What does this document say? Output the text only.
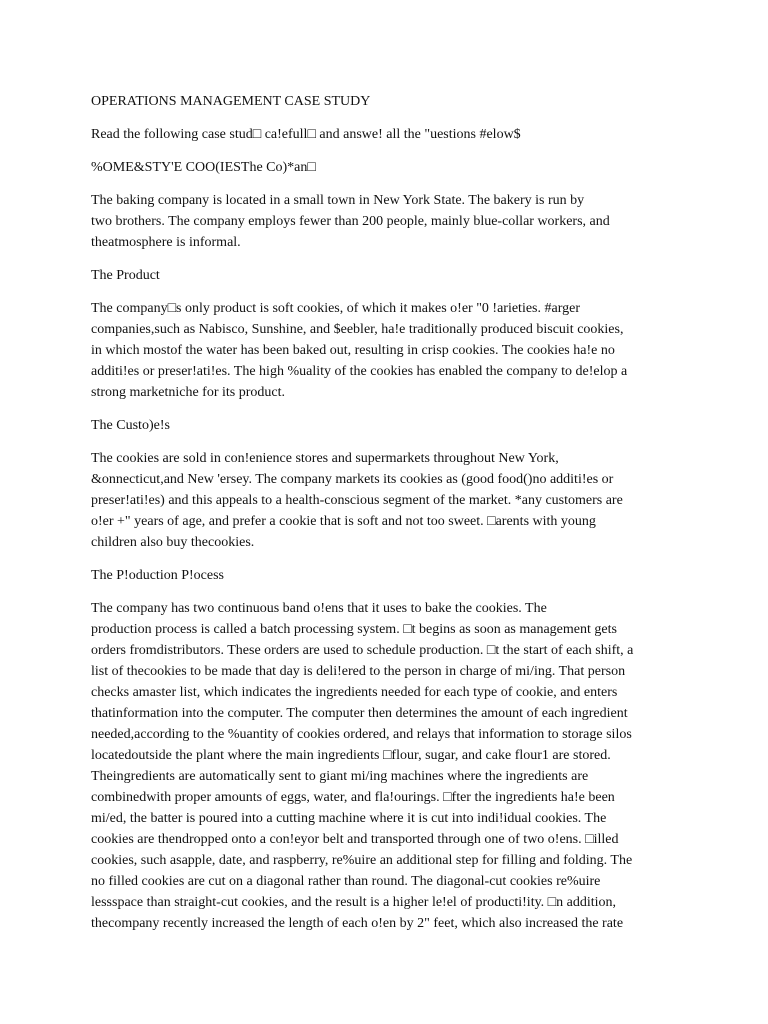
OPERATIONS MANAGEMENT CASE STUDY

Read the following case stud□ ca!efull□ and answe! all the "uestions #elow$

%OME&STY'E COO(IESThe Co)*an□

The baking company is located in a small town in New York State. The bakery is run by
two brothers. The company employs fewer than 200 people, mainly blue-collar workers, and
theatmosphere is informal.

The Product

The company□s only product is soft cookies, of which it makes o!er "0 !arieties. #arger
companies,such as Nabisco, Sunshine, and $eebler, ha!e traditionally produced biscuit cookies,
in which mostof the water has been baked out, resulting in crisp cookies. The cookies ha!e no
additi!es or preser!ati!es. The high %uality of the cookies has enabled the company to de!elop a
strong marketniche for its product.

The Custo)e!s

The cookies are sold in con!enience stores and supermarkets throughout New York,
&onnecticut,and New 'ersey. The company markets its cookies as (good food()no additi!es or
preser!ati!es) and this appeals to a health-conscious segment of the market. *any customers are
o!er +" years of age, and prefer a cookie that is soft and not too sweet. □arents with young
children also buy thecookies.

The P!oduction P!ocess

The company has two continuous band o!ens that it uses to bake the cookies. The
production process is called a batch processing system. □t begins as soon as management gets
orders fromdistributors. These orders are used to schedule production. □t the start of each shift, a
list of thecookies to be made that day is deli!ered to the person in charge of mi/ing. That person
checks amaster list, which indicates the ingredients needed for each type of cookie, and enters
thatinformation into the computer. The computer then determines the amount of each ingredient
needed,according to the %uantity of cookies ordered, and relays that information to storage silos
locatedoutside the plant where the main ingredients □flour, sugar, and cake flour1 are stored.
Theingredients are automatically sent to giant mi/ing machines where the ingredients are
combinedwith proper amounts of eggs, water, and fla!ourings. □fter the ingredients ha!e been
mi/ed, the batter is poured into a cutting machine where it is cut into indi!idual cookies. The
cookies are thendropped onto a con!eyor belt and transported through one of two o!ens. □illed
cookies, such asapple, date, and raspberry, re%uire an additional step for filling and folding. The
no filled cookies are cut on a diagonal rather than round. The diagonal-cut cookies re%uire
lessspace than straight-cut cookies, and the result is a higher le!el of producti!ity. □n addition,
thecompany recently increased the length of each o!en by 2" feet, which also increased the rate
